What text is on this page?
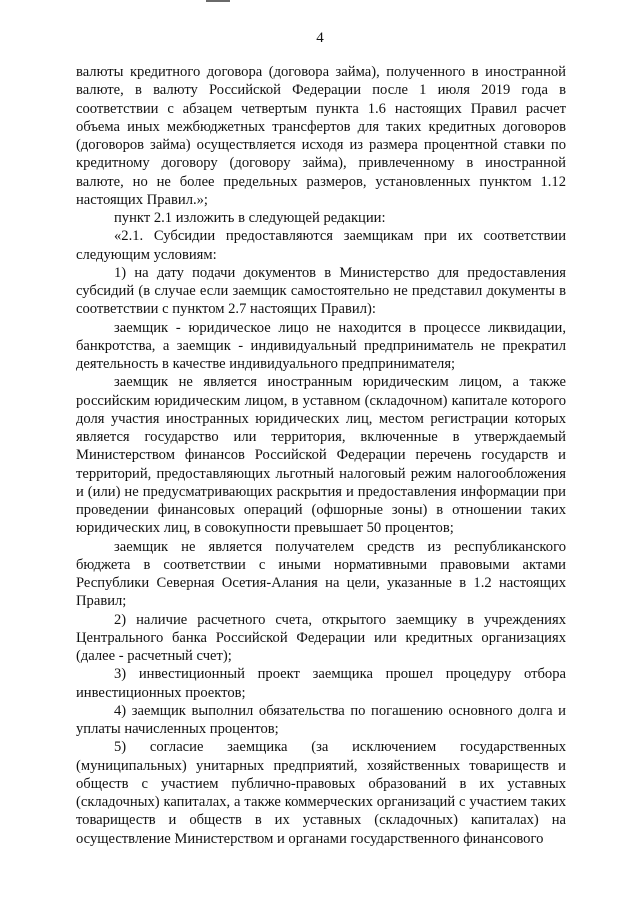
4

валюты кредитного договора (договора займа), полученного в иностранной валюте, в валюту Российской Федерации после 1 июля 2019 года в соответствии с абзацем четвертым пункта 1.6 настоящих Правил расчет объема иных межбюджетных трансфертов для таких кредитных договоров (договоров займа) осуществляется исходя из размера процентной ставки по кредитному договору (договору займа), привлеченному в иностранной валюте, но не более предельных размеров, установленных пунктом 1.12 настоящих Правил.»;

пункт 2.1 изложить в следующей редакции:

«2.1. Субсидии предоставляются заемщикам при их соответствии следующим условиям:

1) на дату подачи документов в Министерство для предоставления субсидий (в случае если заемщик самостоятельно не представил документы в соответствии с пунктом 2.7 настоящих Правил):

заемщик - юридическое лицо не находится в процессе ликвидации, банкротства, а заемщик - индивидуальный предприниматель не прекратил деятельность в качестве индивидуального предпринимателя;

заемщик не является иностранным юридическим лицом, а также российским юридическим лицом, в уставном (складочном) капитале которого доля участия иностранных юридических лиц, местом регистрации которых является государство или территория, включенные в утверждаемый Министерством финансов Российской Федерации перечень государств и территорий, предоставляющих льготный налоговый режим налогообложения и (или) не предусматривающих раскрытия и предоставления информации при проведении финансовых операций (офшорные зоны) в отношении таких юридических лиц, в совокупности превышает 50 процентов;

заемщик не является получателем средств из республиканского бюджета в соответствии с иными нормативными правовыми актами Республики Северная Осетия-Алания на цели, указанные в 1.2 настоящих Правил;

2) наличие расчетного счета, открытого заемщику в учреждениях Центрального банка Российской Федерации или кредитных организациях (далее - расчетный счет);

3) инвестиционный проект заемщика прошел процедуру отбора инвестиционных проектов;

4) заемщик выполнил обязательства по погашению основного долга и уплаты начисленных процентов;

5) согласие заемщика (за исключением государственных (муниципальных) унитарных предприятий, хозяйственных товариществ и обществ с участием публично-правовых образований в их уставных (складочных) капиталах, а также коммерческих организаций с участием таких товариществ и обществ в их уставных (складочных) капиталах) на осуществление Министерством и органами государственного финансового
